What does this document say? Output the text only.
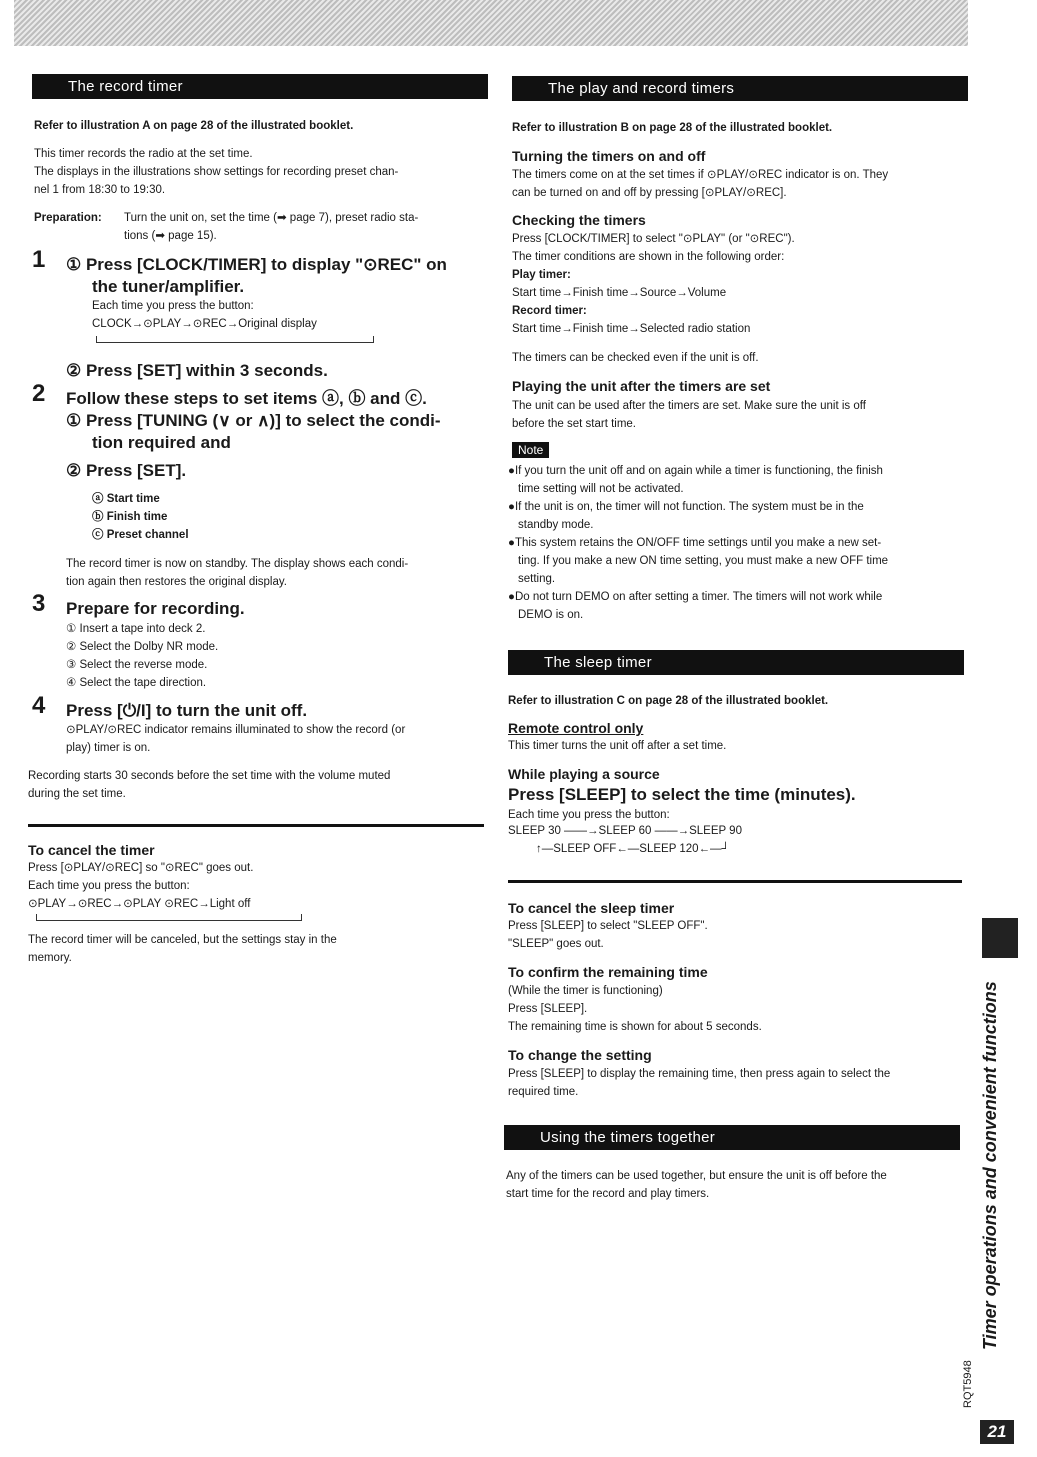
The record timer
Refer to illustration A on page 28 of the illustrated booklet.
This timer records the radio at the set time.
The displays in the illustrations show settings for recording preset chan-
nel 1 from 18:30 to 19:30.
Preparation: Turn the unit on, set the time (➡ page 7), preset radio sta-
tions (➡ page 15).
1 ① Press [CLOCK/TIMER] to display "⊙REC" on
the tuner/amplifier.
Each time you press the button:
CLOCK→⊙PLAY→⊙REC→Original display
② Press [SET] within 3 seconds.
2 Follow these steps to set items ⓐ, ⓑ and ⓒ.
① Press [TUNING (∨ or ∧)] to select the condi-
tion required and
② Press [SET].
ⓐ Start time
ⓑ Finish time
ⓒ Preset channel
The record timer is now on standby. The display shows each condi-
tion again then restores the original display.
3 Prepare for recording.
① Insert a tape into deck 2.
② Select the Dolby NR mode.
③ Select the reverse mode.
④ Select the tape direction.
4 Press [⏻/I] to turn the unit off.
⊙PLAY/⊙REC indicator remains illuminated to show the record (or
play) timer is on.
Recording starts 30 seconds before the set time with the volume muted
during the set time.
To cancel the timer
Press [⊙PLAY/⊙REC] so "⊙REC" goes out.
Each time you press the button:
⊙PLAY→⊙REC→⊙PLAY ⊙REC→Light off
The record timer will be canceled, but the settings stay in the
memory.
The play and record timers
Refer to illustration B on page 28 of the illustrated booklet.
Turning the timers on and off
The timers come on at the set times if ⊙PLAY/⊙REC indicator is on. They
can be turned on and off by pressing [⊙PLAY/⊙REC].
Checking the timers
Press [CLOCK/TIMER] to select "⊙PLAY" (or "⊙REC").
The timer conditions are shown in the following order:
Play timer:
Start time→Finish time→Source→Volume
Record timer:
Start time→Finish time→Selected radio station
The timers can be checked even if the unit is off.
Playing the unit after the timers are set
The unit can be used after the timers are set. Make sure the unit is off
before the set start time.
Note
●If you turn the unit off and on again while a timer is functioning, the finish
time setting will not be activated.
●If the unit is on, the timer will not function. The system must be in the
standby mode.
●This system retains the ON/OFF time settings until you make a new set-
ting. If you make a new ON time setting, you must make a new OFF time
setting.
●Do not turn DEMO on after setting a timer. The timers will not work while
DEMO is on.
The sleep timer
Refer to illustration C on page 28 of the illustrated booklet.
Remote control only
This timer turns the unit off after a set time.
While playing a source
Press [SLEEP] to select the time (minutes).
Each time you press the button:
SLEEP 30 ——→SLEEP 60 ——→SLEEP 90
↑—SLEEP OFF←—SLEEP 120←—┘
To cancel the sleep timer
Press [SLEEP] to select "SLEEP OFF".
"SLEEP" goes out.
To confirm the remaining time
(While the timer is functioning)
Press [SLEEP].
The remaining time is shown for about 5 seconds.
To change the setting
Press [SLEEP] to display the remaining time, then press again to select the
required time.
Using the timers together
Any of the timers can be used together, but ensure the unit is off before the
start time for the record and play timers.	Timer operations and convenient functions
RQT5948
21
